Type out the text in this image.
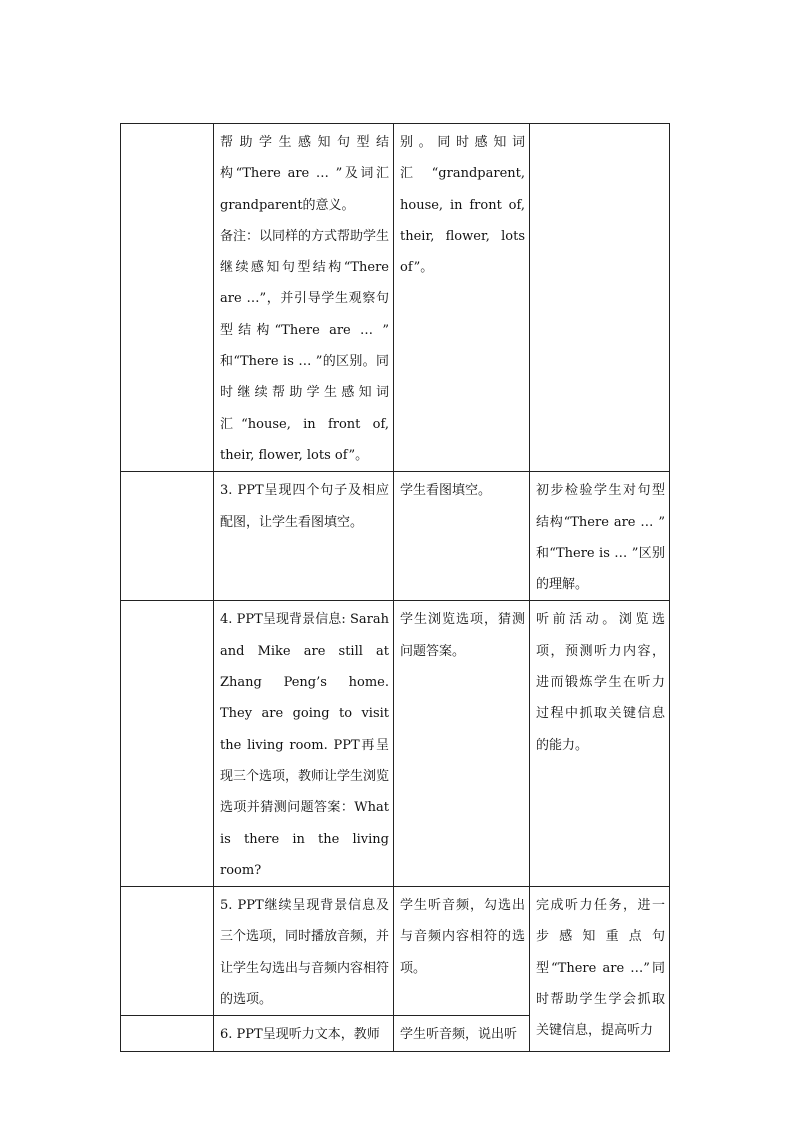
	帮助学生感知句型结构“There are … ”及词汇grandparent的意义。

备注：以同样的方式帮助学生继续感知句型结构“There are …”，并引导学生观察句型结构“There are … ” 和“There is … ”的区别。同时继续帮助学生感知词汇“house, in front of, their, flower, lots of”。	别。同时感知词汇“grandparent, house, in front of, their, flower, lots of”。	

	3. PPT呈现四个句子及相应配图，让学生看图填空。	学生看图填空。	初步检验学生对句型结构“There are … ” 和“There is … ”区别的理解。

	4. PPT呈现背景信息: Sarah and Mike are still at Zhang Peng’s home. They are going to visit the living room. PPT再呈现三个选项，教师让学生浏览选项并猜测问题答案：What is there in the living room?	学生浏览选项，猜测问题答案。	听前活动。浏览选项，预测听力内容，进而锻炼学生在听力过程中抓取关键信息的能力。

	5. PPT继续呈现背景信息及三个选项，同时播放音频，并让学生勾选出与音频内容相符的选项。	学生听音频，勾选出与音频内容相符的选项。	完成听力任务，进一步感知重点句型“There are …”同时帮助学生学会抓取关键信息，提高听力

	6. PPT呈现听力文本，教师	学生听音频，说出听	
